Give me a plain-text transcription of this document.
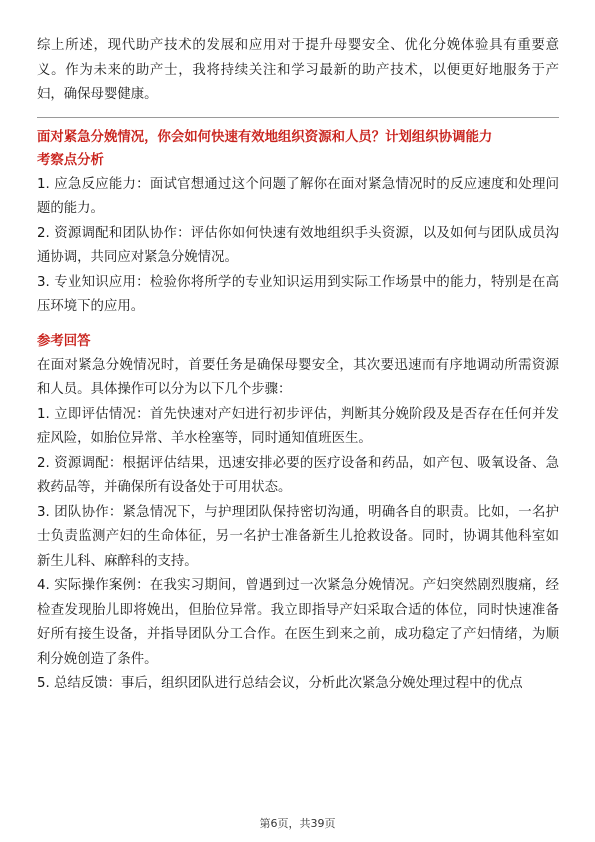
综上所述，现代助产技术的发展和应用对于提升母婴安全、优化分娩体验具有重要意义。作为未来的助产士，我将持续关注和学习最新的助产技术，以便更好地服务于产妇，确保母婴健康。

面对紧急分娩情况，你会如何快速有效地组织资源和人员？计划组织协调能力

考察点分析

1. 应急反应能力：面试官想通过这个问题了解你在面对紧急情况时的反应速度和处理问题的能力。

2. 资源调配和团队协作：评估你如何快速有效地组织手头资源，以及如何与团队成员沟通协调，共同应对紧急分娩情况。

3. 专业知识应用：检验你将所学的专业知识运用到实际工作场景中的能力，特别是在高压环境下的应用。

参考回答

在面对紧急分娩情况时，首要任务是确保母婴安全，其次要迅速而有序地调动所需资源和人员。具体操作可以分为以下几个步骤：

1. 立即评估情况：首先快速对产妇进行初步评估，判断其分娩阶段及是否存在任何并发症风险，如胎位异常、羊水栓塞等，同时通知值班医生。

2. 资源调配：根据评估结果，迅速安排必要的医疗设备和药品，如产包、吸氧设备、急救药品等，并确保所有设备处于可用状态。

3. 团队协作：紧急情况下，与护理团队保持密切沟通，明确各自的职责。比如，一名护士负责监测产妇的生命体征，另一名护士准备新生儿抢救设备。同时，协调其他科室如新生儿科、麻醉科的支持。

4. 实际操作案例：在我实习期间，曾遇到过一次紧急分娩情况。产妇突然剧烈腹痛，经检查发现胎儿即将娩出，但胎位异常。我立即指导产妇采取合适的体位，同时快速准备好所有接生设备，并指导团队分工合作。在医生到来之前，成功稳定了产妇情绪，为顺利分娩创造了条件。

5. 总结反馈：事后，组织团队进行总结会议，分析此次紧急分娩处理过程中的优点

第6页，共39页
